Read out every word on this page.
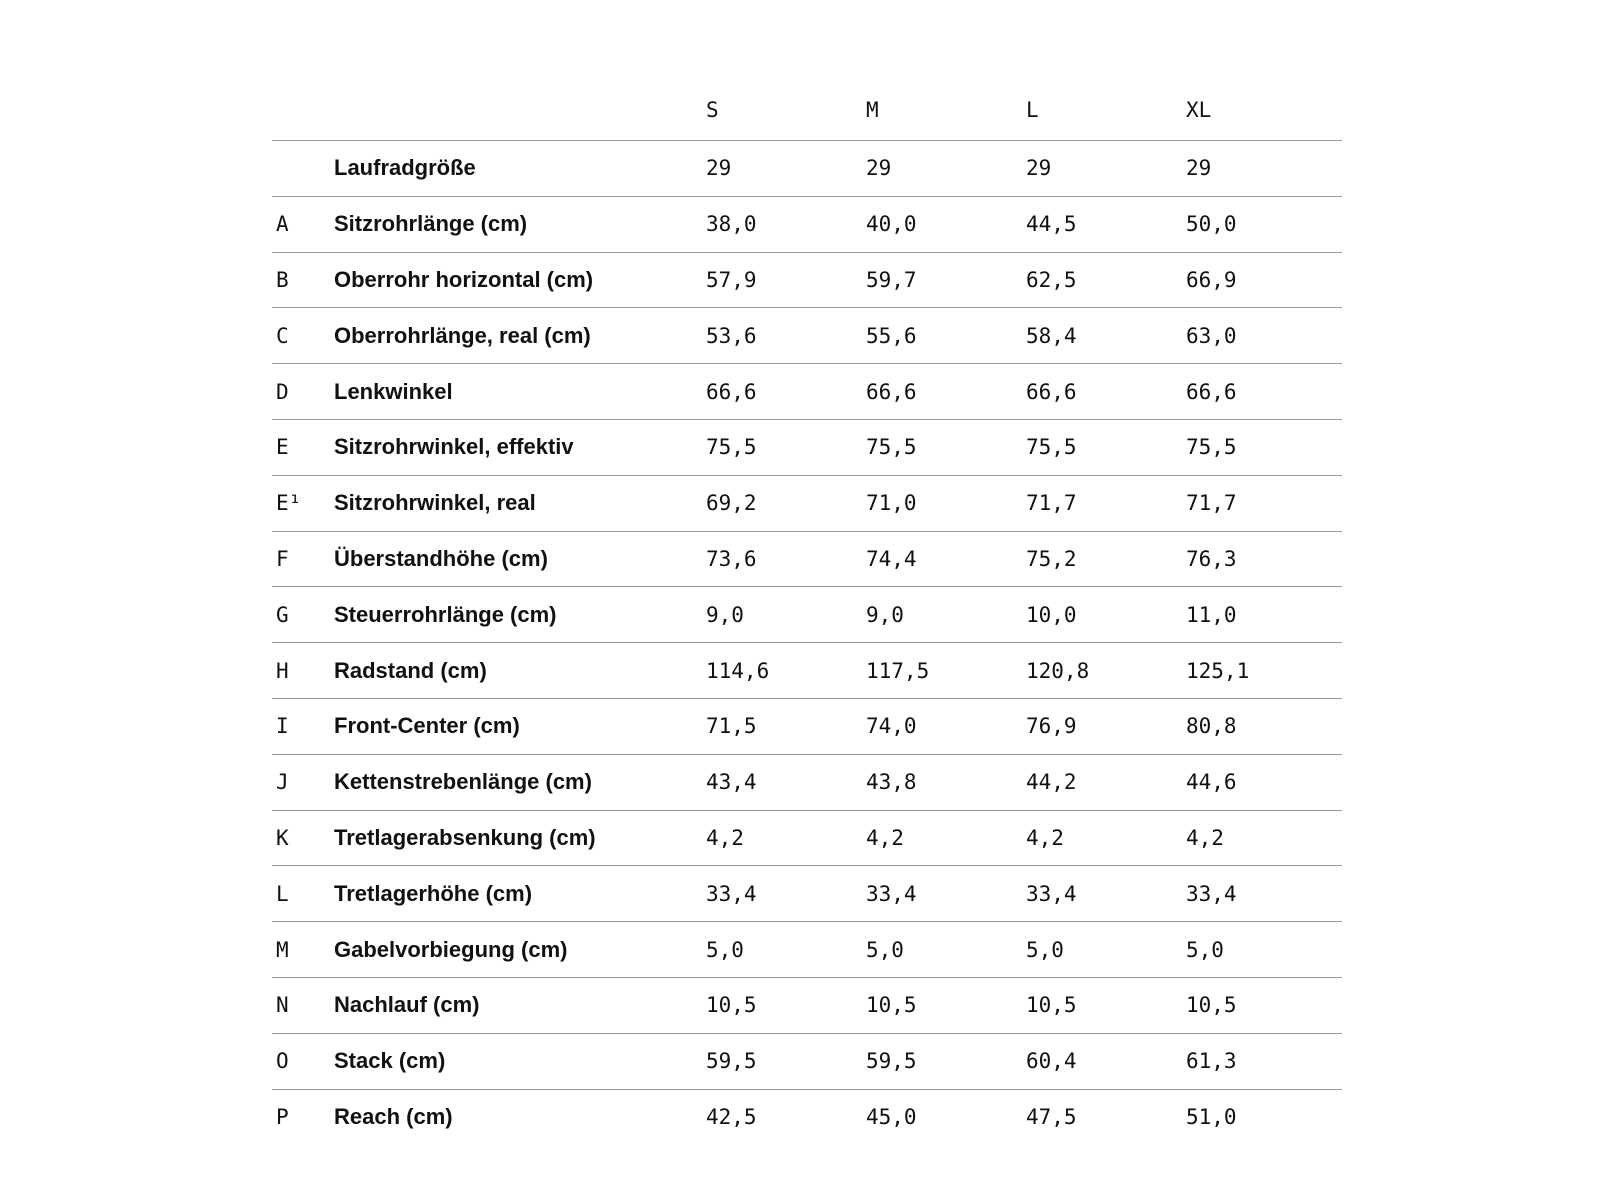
		S	M	L	XL
	Laufradgröße	29	29	29	29
A	Sitzrohrlänge (cm)	38,0	40,0	44,5	50,0
B	Oberrohr horizontal (cm)	57,9	59,7	62,5	66,9
C	Oberrohrlänge, real (cm)	53,6	55,6	58,4	63,0
D	Lenkwinkel	66,6	66,6	66,6	66,6
E	Sitzrohrwinkel, effektiv	75,5	75,5	75,5	75,5
E¹	Sitzrohrwinkel, real	69,2	71,0	71,7	71,7
F	Überstandhöhe (cm)	73,6	74,4	75,2	76,3
G	Steuerrohrlänge (cm)	9,0	9,0	10,0	11,0
H	Radstand (cm)	114,6	117,5	120,8	125,1
I	Front-Center (cm)	71,5	74,0	76,9	80,8
J	Kettenstrebenlänge (cm)	43,4	43,8	44,2	44,6
K	Tretlagerabsenkung (cm)	4,2	4,2	4,2	4,2
L	Tretlagerhöhe (cm)	33,4	33,4	33,4	33,4
M	Gabelvorbiegung (cm)	5,0	5,0	5,0	5,0
N	Nachlauf (cm)	10,5	10,5	10,5	10,5
O	Stack (cm)	59,5	59,5	60,4	61,3
P	Reach (cm)	42,5	45,0	47,5	51,0
